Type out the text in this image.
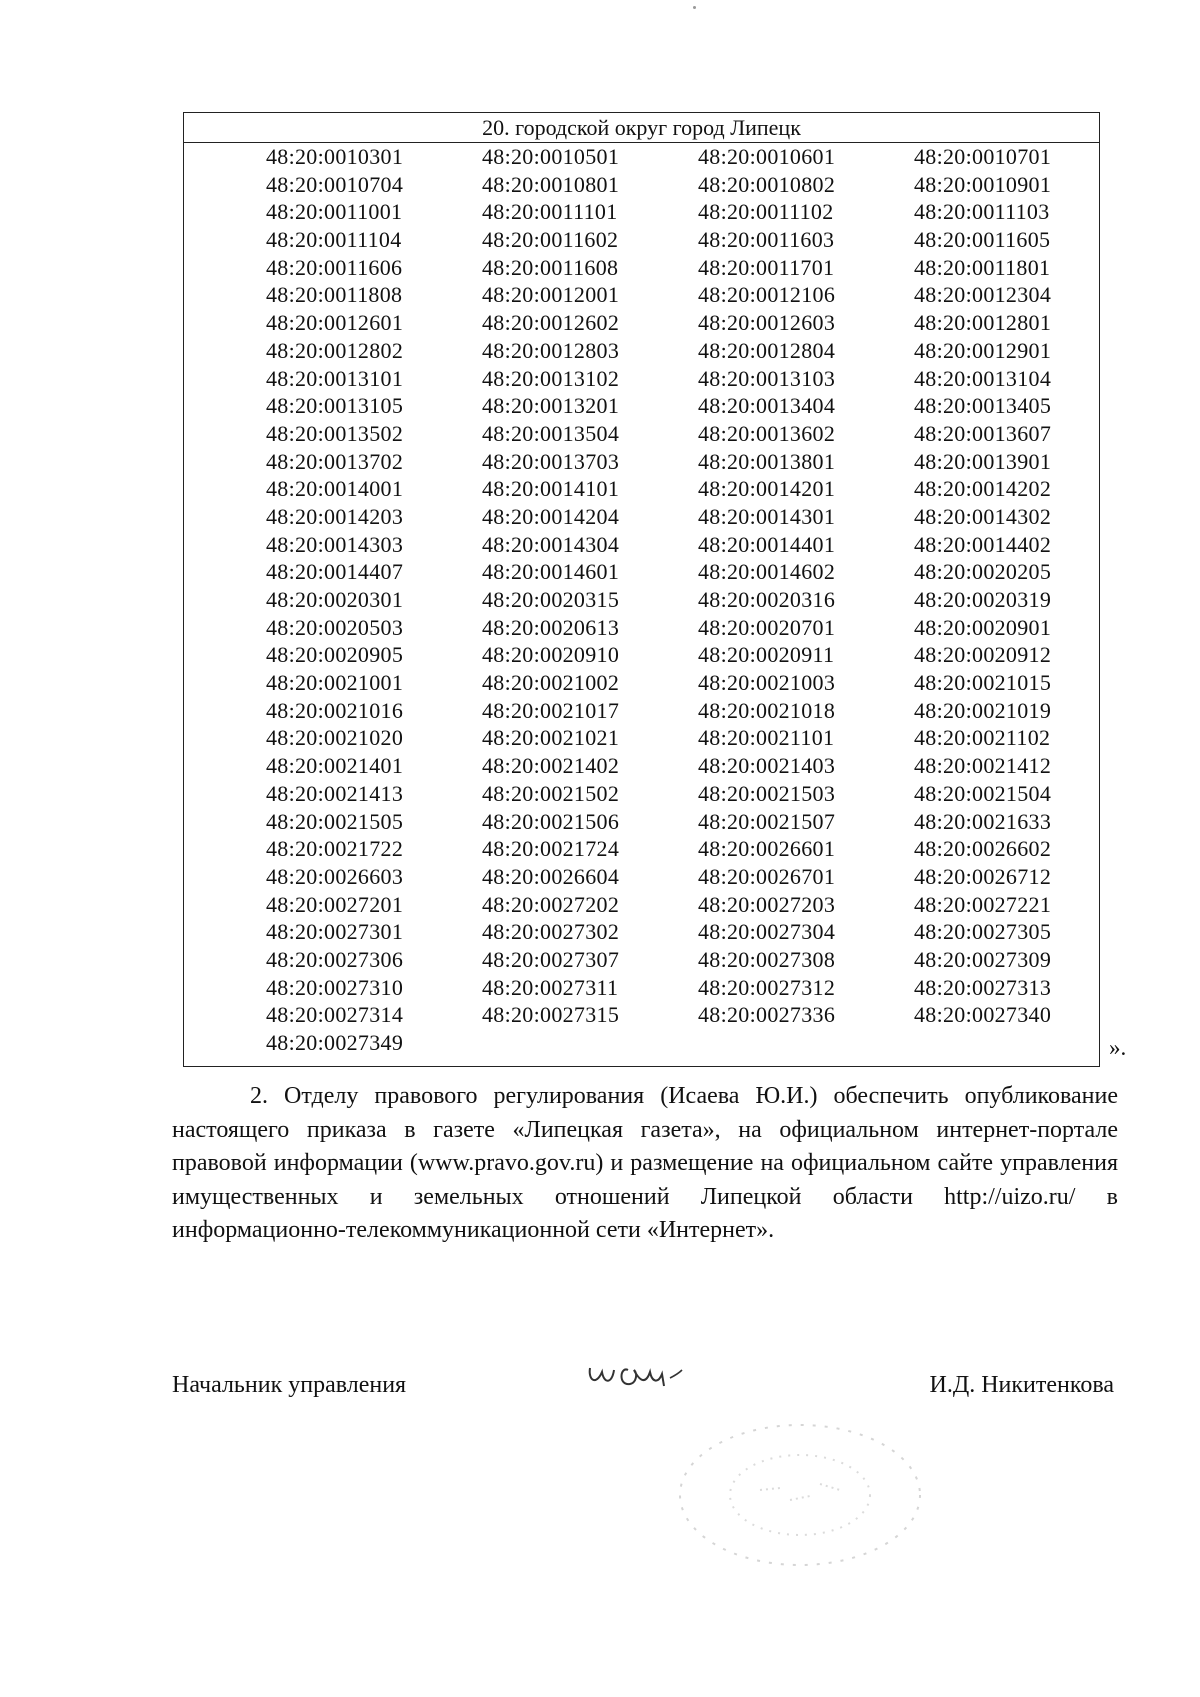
20. городской округ город Липецк
48:20:0010301	48:20:0010501	48:20:0010601	48:20:0010701
48:20:0010704	48:20:0010801	48:20:0010802	48:20:0010901
48:20:0011001	48:20:0011101	48:20:0011102	48:20:0011103
48:20:0011104	48:20:0011602	48:20:0011603	48:20:0011605
48:20:0011606	48:20:0011608	48:20:0011701	48:20:0011801
48:20:0011808	48:20:0012001	48:20:0012106	48:20:0012304
48:20:0012601	48:20:0012602	48:20:0012603	48:20:0012801
48:20:0012802	48:20:0012803	48:20:0012804	48:20:0012901
48:20:0013101	48:20:0013102	48:20:0013103	48:20:0013104
48:20:0013105	48:20:0013201	48:20:0013404	48:20:0013405
48:20:0013502	48:20:0013504	48:20:0013602	48:20:0013607
48:20:0013702	48:20:0013703	48:20:0013801	48:20:0013901
48:20:0014001	48:20:0014101	48:20:0014201	48:20:0014202
48:20:0014203	48:20:0014204	48:20:0014301	48:20:0014302
48:20:0014303	48:20:0014304	48:20:0014401	48:20:0014402
48:20:0014407	48:20:0014601	48:20:0014602	48:20:0020205
48:20:0020301	48:20:0020315	48:20:0020316	48:20:0020319
48:20:0020503	48:20:0020613	48:20:0020701	48:20:0020901
48:20:0020905	48:20:0020910	48:20:0020911	48:20:0020912
48:20:0021001	48:20:0021002	48:20:0021003	48:20:0021015
48:20:0021016	48:20:0021017	48:20:0021018	48:20:0021019
48:20:0021020	48:20:0021021	48:20:0021101	48:20:0021102
48:20:0021401	48:20:0021402	48:20:0021403	48:20:0021412
48:20:0021413	48:20:0021502	48:20:0021503	48:20:0021504
48:20:0021505	48:20:0021506	48:20:0021507	48:20:0021633
48:20:0021722	48:20:0021724	48:20:0026601	48:20:0026602
48:20:0026603	48:20:0026604	48:20:0026701	48:20:0026712
48:20:0027201	48:20:0027202	48:20:0027203	48:20:0027221
48:20:0027301	48:20:0027302	48:20:0027304	48:20:0027305
48:20:0027306	48:20:0027307	48:20:0027308	48:20:0027309
48:20:0027310	48:20:0027311	48:20:0027312	48:20:0027313
48:20:0027314	48:20:0027315	48:20:0027336	48:20:0027340
48:20:0027349	».

2. Отделу правового регулирования (Исаева Ю.И.) обеспечить опубликование настоящего приказа в газете «Липецкая газета», на официальном интернет-портале правовой информации (www.pravo.gov.ru) и размещение на официальном сайте управления имущественных и земельных отношений Липецкой области http://uizo.ru/ в информационно-телекоммуникационной сети «Интернет».

Начальник управления	И.Д. Никитенкова
